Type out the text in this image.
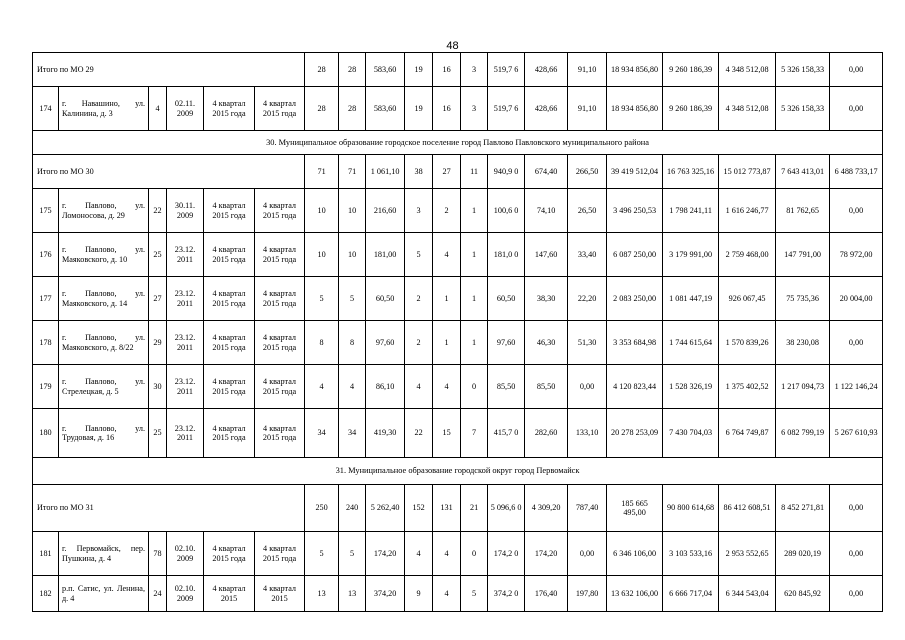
48
Итого по МО 29						28	28	583,60	19	16	3	519,7 6	428,66	91,10	18 934 856,80	9 260 186,39	4 348 512,08	5 326 158,33	0,00
174	г. Навашино, ул. Калинина, д. 3	4	02.11. 2009	4 квартал 2015 года	4 квартал 2015 года	28	28	583,60	19	16	3	519,7 6	428,66	91,10	18 934 856,80	9 260 186,39	4 348 512,08	5 326 158,33	0,00
30. Муниципальное образование городское поселение город Павлово Павловского муниципального района																			
Итого по МО 30						71	71	1 061,10	38	27	11	940,9 0	674,40	266,50	39 419 512,04	16 763 325,16	15 012 773,87	7 643 413,01	6 488 733,17
175	г. Павлово, ул. Ломоносова, д. 29	22	30.11. 2009	4 квартал 2015 года	4 квартал 2015 года	10	10	216,60	3	2	1	100,6 0	74,10	26,50	3 496 250,53	1 798 241,11	1 616 246,77	81 762,65	0,00
176	г. Павлово, ул. Маяковского, д. 10	25	23.12. 2011	4 квартал 2015 года	4 квартал 2015 года	10	10	181,00	5	4	1	181,0 0	147,60	33,40	6 087 250,00	3 179 991,00	2 759 468,00	147 791,00	78 972,00
177	г. Павлово, ул. Маяковского, д. 14	27	23.12. 2011	4 квартал 2015 года	4 квартал 2015 года	5	5	60,50	2	1	1	60,50	38,30	22,20	2 083 250,00	1 081 447,19	926 067,45	75 735,36	20 004,00
178	г. Павлово, ул. Маяковского, д. 8/22	29	23.12. 2011	4 квартал 2015 года	4 квартал 2015 года	8	8	97,60	2	1	1	97,60	46,30	51,30	3 353 684,98	1 744 615,64	1 570 839,26	38 230,08	0,00
179	г. Павлово, ул. Стрелецкая, д. 5	30	23.12. 2011	4 квартал 2015 года	4 квартал 2015 года	4	4	86,10	4	4	0	85,50	85,50	0,00	4 120 823,44	1 528 326,19	1 375 402,52	1 217 094,73	1 122 146,24
180	г. Павлово, ул. Трудовая, д. 16	25	23.12. 2011	4 квартал 2015 года	4 квартал 2015 года	34	34	419,30	22	15	7	415,7 0	282,60	133,10	20 278 253,09	7 430 704,03	6 764 749,87	6 082 799,19	5 267 610,93
31. Муниципальное образование городской округ город Первомайск																			
Итого по МО 31						250	240	5 262,40	152	131	21	5 096,6 0	4 309,20	787,40	185 665 495,00	90 800 614,68	86 412 608,51	8 452 271,81	0,00
181	г. Первомайск, пер. Пушкина, д. 4	78	02.10. 2009	4 квартал 2015 года	4 квартал 2015 года	5	5	174,20	4	4	0	174,2 0	174,20	0,00	6 346 106,00	3 103 533,16	2 953 552,65	289 020,19	0,00
182	р.п. Сатис, ул. Ленина, д. 4	24	02.10. 2009	4 квартал 2015	4 квартал 2015	13	13	374,20	9	4	5	374,2 0	176,40	197,80	13 632 106,00	6 666 717,04	6 344 543,04	620 845,92	0,00
